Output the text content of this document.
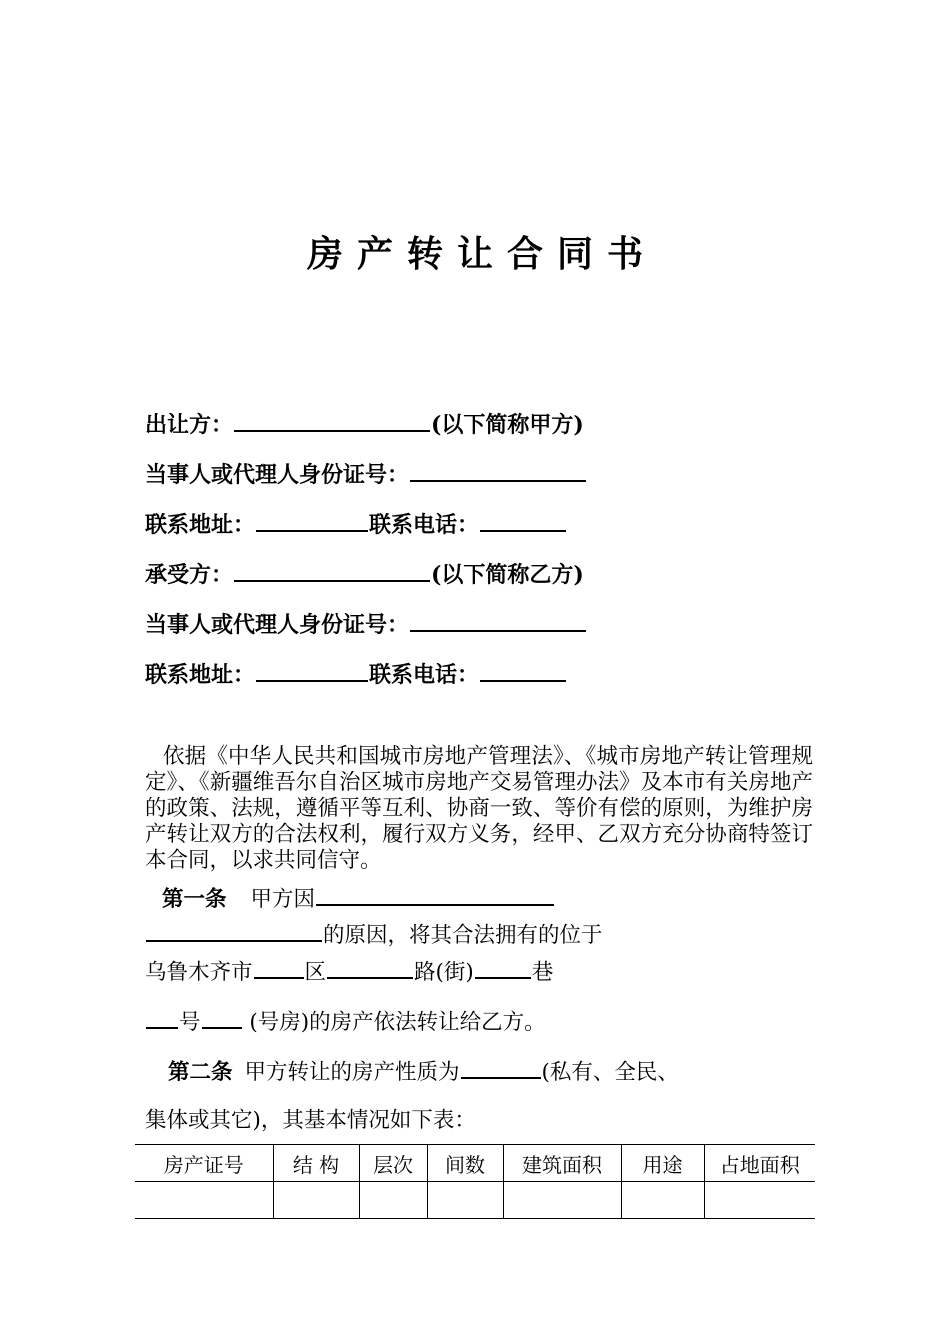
房产转让合同书
出让方：	(以下简称甲方)
当事人或代理人身份证号：
联系地址：	联系电话：
承受方：	(以下简称乙方)
当事人或代理人身份证号：
联系地址：	联系电话：
依据《中华人民共和国城市房地产管理法》、《城市房地产转让管理规定》、《新疆维吾尔自治区城市房地产交易管理办法》及本市有关房地产的政策、法规，遵循平等互利、协商一致、等价有偿的原则，为维护房产转让双方的合法权利，履行双方义务，经甲、乙双方充分协商特签订本合同，以求共同信守。
第一条 甲方因
的原因，将其合法拥有的位于
乌鲁木齐市 区	路(街)	巷
号 (号房)的房产依法转让给乙方。
第二条 甲方转让的房产性质为	(私有、全民、
集体或其它)，其基本情况如下表：
房产证号	结 构	层次	间数	建筑面积	用途	占地面积
